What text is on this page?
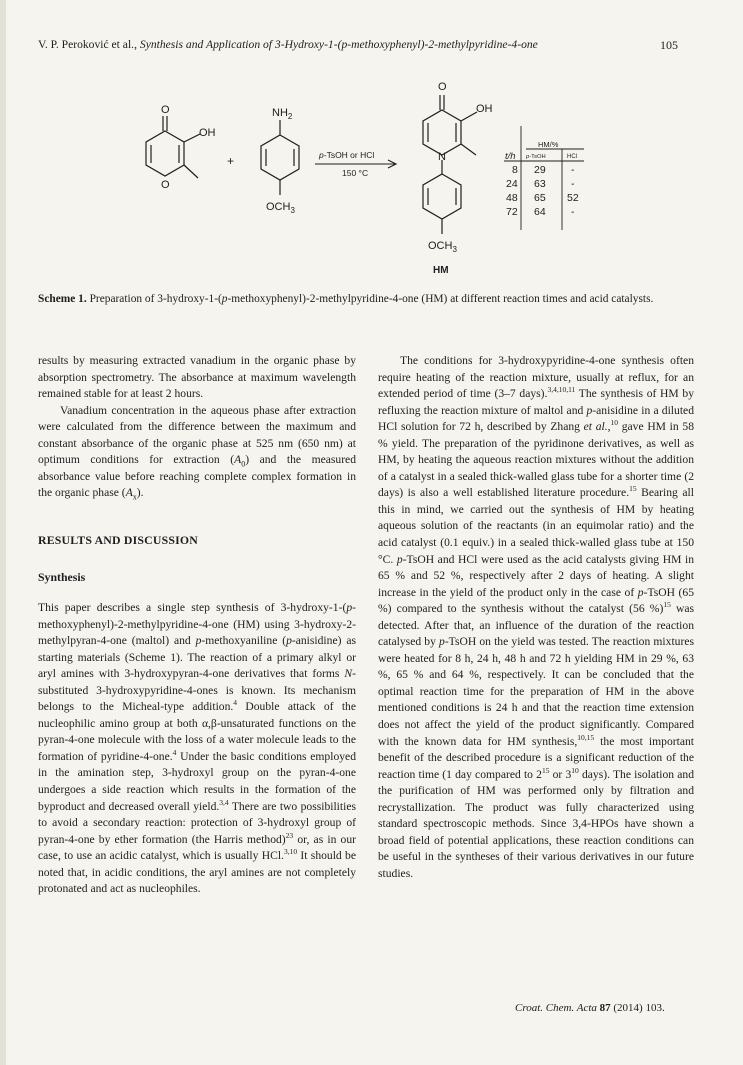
V. P. Peroković et al., Synthesis and Application of 3-Hydroxy-1-(p-methoxyphenyl)-2-methylpyridine-4-one	105
O
OH
O
+
$NH_2$
$OCH_3$
p-TsOH or HCl
150 °C
O
OH
N
$OCH_3$
HM
t/h
HM/%
p-TsOH	HCl
8 29 -
24 63 -
48 65 52
72 64 -
Scheme 1. Preparation of 3-hydroxy-1-(p-methoxyphenyl)-2-methylpyridine-4-one (HM) at different reaction times and acid catalysts.

results by measuring extracted vanadium in the organic phase by absorption spectrometry. The absorbance at maximum wavelength remained stable for at least 2 hours.

Vanadium concentration in the aqueous phase after extraction were calculated from the difference between the maximum and constant absorbance of the organic phase at 525 nm (650 nm) at optimum conditions for extraction $(A_0)$ and the measured absorbance value before reaching complete complex formation in the organic phase $(A_x)$.

RESULTS AND DISCUSSION
Synthesis

This paper describes a single step synthesis of 3-hydroxy-1-(p-methoxyphenyl)-2-methylpyridine-4-one (HM) using 3-hydroxy-2-methylpyran-4-one (maltol) and p-methoxyaniline (p-anisidine) as starting materials (Scheme 1). The reaction of a primary alkyl or aryl amines with 3-hydroxypyran-4-one derivatives that forms N-substituted 3-hydroxypyridine-4-ones is known. Its mechanism belongs to the Micheal-type addition.$^4$ Double attack of the nucleophilic amino group at both α,β-unsaturated functions on the pyran-4-one molecule with the loss of a water molecule leads to the formation of pyridine-4-one.$^4$ Under the basic conditions employed in the amination step, 3-hydroxyl group on the pyran-4-one undergoes a side reaction which results in the formation of the byproduct and decreased overall yield.$^{3,4}$ There are two possibilities to avoid a secondary reaction: protection of 3-hydroxyl group of pyran-4-one by ether formation (the Harris method)$^{23}$ or, as in our case, to use an acidic catalyst, which is usually HCl.$^{3,10}$ It should be noted that, in acidic conditions, the aryl amines are not completely protonated and act as nucleophiles.

The conditions for 3-hydroxypyridine-4-one synthesis often require heating of the reaction mixture, usually at reflux, for an extended period of time (3–7 days).$^{3,4,10,11}$ The synthesis of HM by refluxing the reaction mixture of maltol and p-anisidine in a diluted HCl solution for 72 h, described by Zhang et al.,$^{10}$ gave HM in 58 % yield. The preparation of the pyridinone derivatives, as well as HM, by heating the aqueous reaction mixtures without the addition of a catalyst in a sealed thick-walled glass tube for a shorter time (2 days) is also a well established literature procedure.$^{15}$ Bearing all this in mind, we carried out the synthesis of HM by heating aqueous solution of the reactants (in an equimolar ratio) and the acid catalyst (0.1 equiv.) in a sealed thick-walled glass tube at 150 °C. p-TsOH and HCl were used as the acid catalysts giving HM in 65 % and 52 %, respectively after 2 days of heating. A slight increase in the yield of the product only in the case of p-TsOH (65 %) compared to the synthesis without the catalyst (56 %)$^{15}$ was detected. After that, an influence of the duration of the reaction catalysed by p-TsOH on the yield was tested. The reaction mixtures were heated for 8 h, 24 h, 48 h and 72 h yielding HM in 29 %, 63 %, 65 % and 64 %, respectively. It can be concluded that the optimal reaction time for the preparation of HM in the above mentioned conditions is 24 h and that the reaction time extension does not affect the yield of the product significantly. Compared with the known data for HM synthesis,$^{10,15}$ the most important benefit of the described procedure is a significant reduction of the reaction time (1 day compared to $2^{15}$ or $3^{10}$ days). The isolation and the purification of HM was performed only by filtration and recrystallization. The product was fully characterized using standard spectroscopic methods. Since 3,4-HPOs have shown a broad field of potential applications, these reaction conditions can be useful in the syntheses of their various derivatives in our future studies.

Croat. Chem. Acta 87 (2014) 103.
